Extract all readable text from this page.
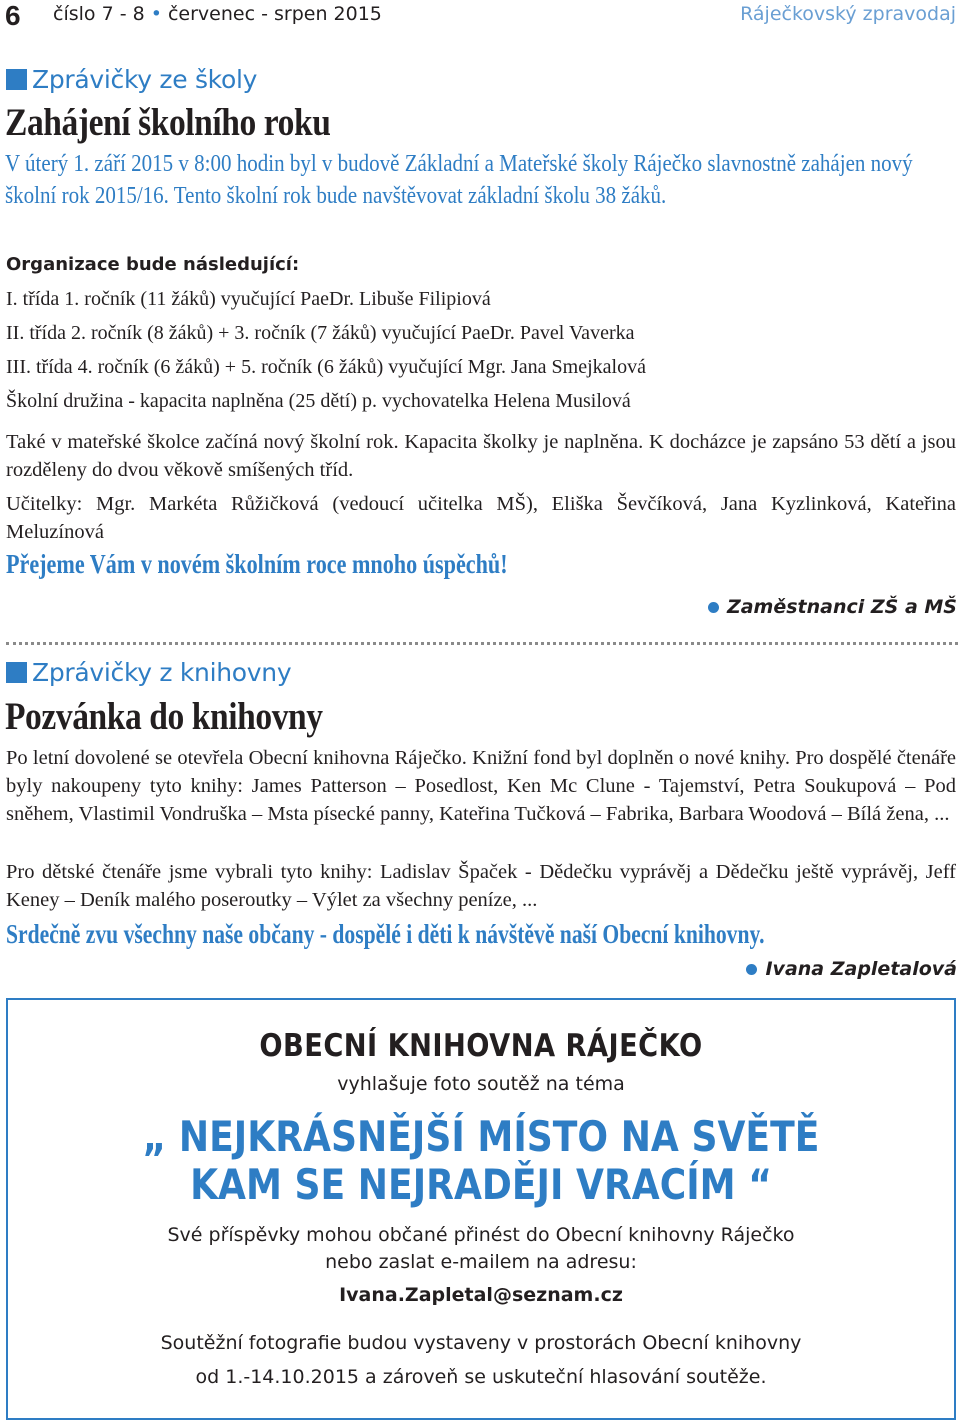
6 číslo 7 - 8 • červenec - srpen 2015	Ráječkovský zpravodaj
Zprávičky ze školy
Zahájení školního roku
V úterý 1. září 2015 v 8:00 hodin byl v budově Základní a Mateřské školy Ráječko slavnostně zahájen nový školní rok 2015/16. Tento školní rok bude navštěvovat základní školu 38 žáků.
Organizace bude následující:
I. třída 1. ročník (11 žáků) vyučující PaeDr. Libuše Filipiová
II. třída 2. ročník (8 žáků) + 3. ročník (7 žáků) vyučující PaeDr. Pavel Vaverka
III. třída 4. ročník (6 žáků) + 5. ročník (6 žáků) vyučující Mgr. Jana Smejkalová
Školní družina - kapacita naplněna (25 dětí) p. vychovatelka Helena Musilová
Také v mateřské školce začíná nový školní rok. Kapacita školky je naplněna. K docházce je zapsáno 53 dětí a jsou rozděleny do dvou věkově smíšených tříd.
Učitelky: Mgr. Markéta Růžičková (vedoucí učitelka MŠ), Eliška Ševčíková, Jana Kyzlinková, Kateřina Meluzínová
Přejeme Vám v novém školním roce mnoho úspěchů!
Zaměstnanci ZŠ a MŠ
Zprávičky z knihovny
Pozvánka do knihovny
Po letní dovolené se otevřela Obecní knihovna Ráječko. Knižní fond byl doplněn o nové knihy. Pro dospělé čtenáře byly nakoupeny tyto knihy: James Patterson – Posedlost, Ken Mc Clune - Tajemství, Petra Soukupová – Pod sněhem, Vlastimil Vondruška – Msta písecké panny, Kateřina Tučková – Fabrika, Barbara Woodová – Bílá žena, ...
Pro dětské čtenáře jsme vybrali tyto knihy: Ladislav Špaček - Dědečku vyprávěj a Dědečku ještě vyprávěj, Jeff Keney – Deník malého poseroutky – Výlet za všechny peníze, ...
Srdečně zvu všechny naše občany - dospělé i děti k návštěvě naší Obecní knihovny.
Ivana Zapletalová
OBECNÍ KNIHOVNA RÁJEČKO
vyhlašuje foto soutěž na téma
„ NEJKRÁSNĚJŠÍ MÍSTO NA SVĚTĚ
KAM SE NEJRADĚJI VRACÍM “
Své příspěvky mohou občané přinést do Obecní knihovny Ráječko
nebo zaslat e-mailem na adresu:
Ivana.Zapletal@seznam.cz
Soutěžní fotografie budou vystaveny v prostorách Obecní knihovny
od 1.-14.10.2015 a zároveň se uskuteční hlasování soutěže.
